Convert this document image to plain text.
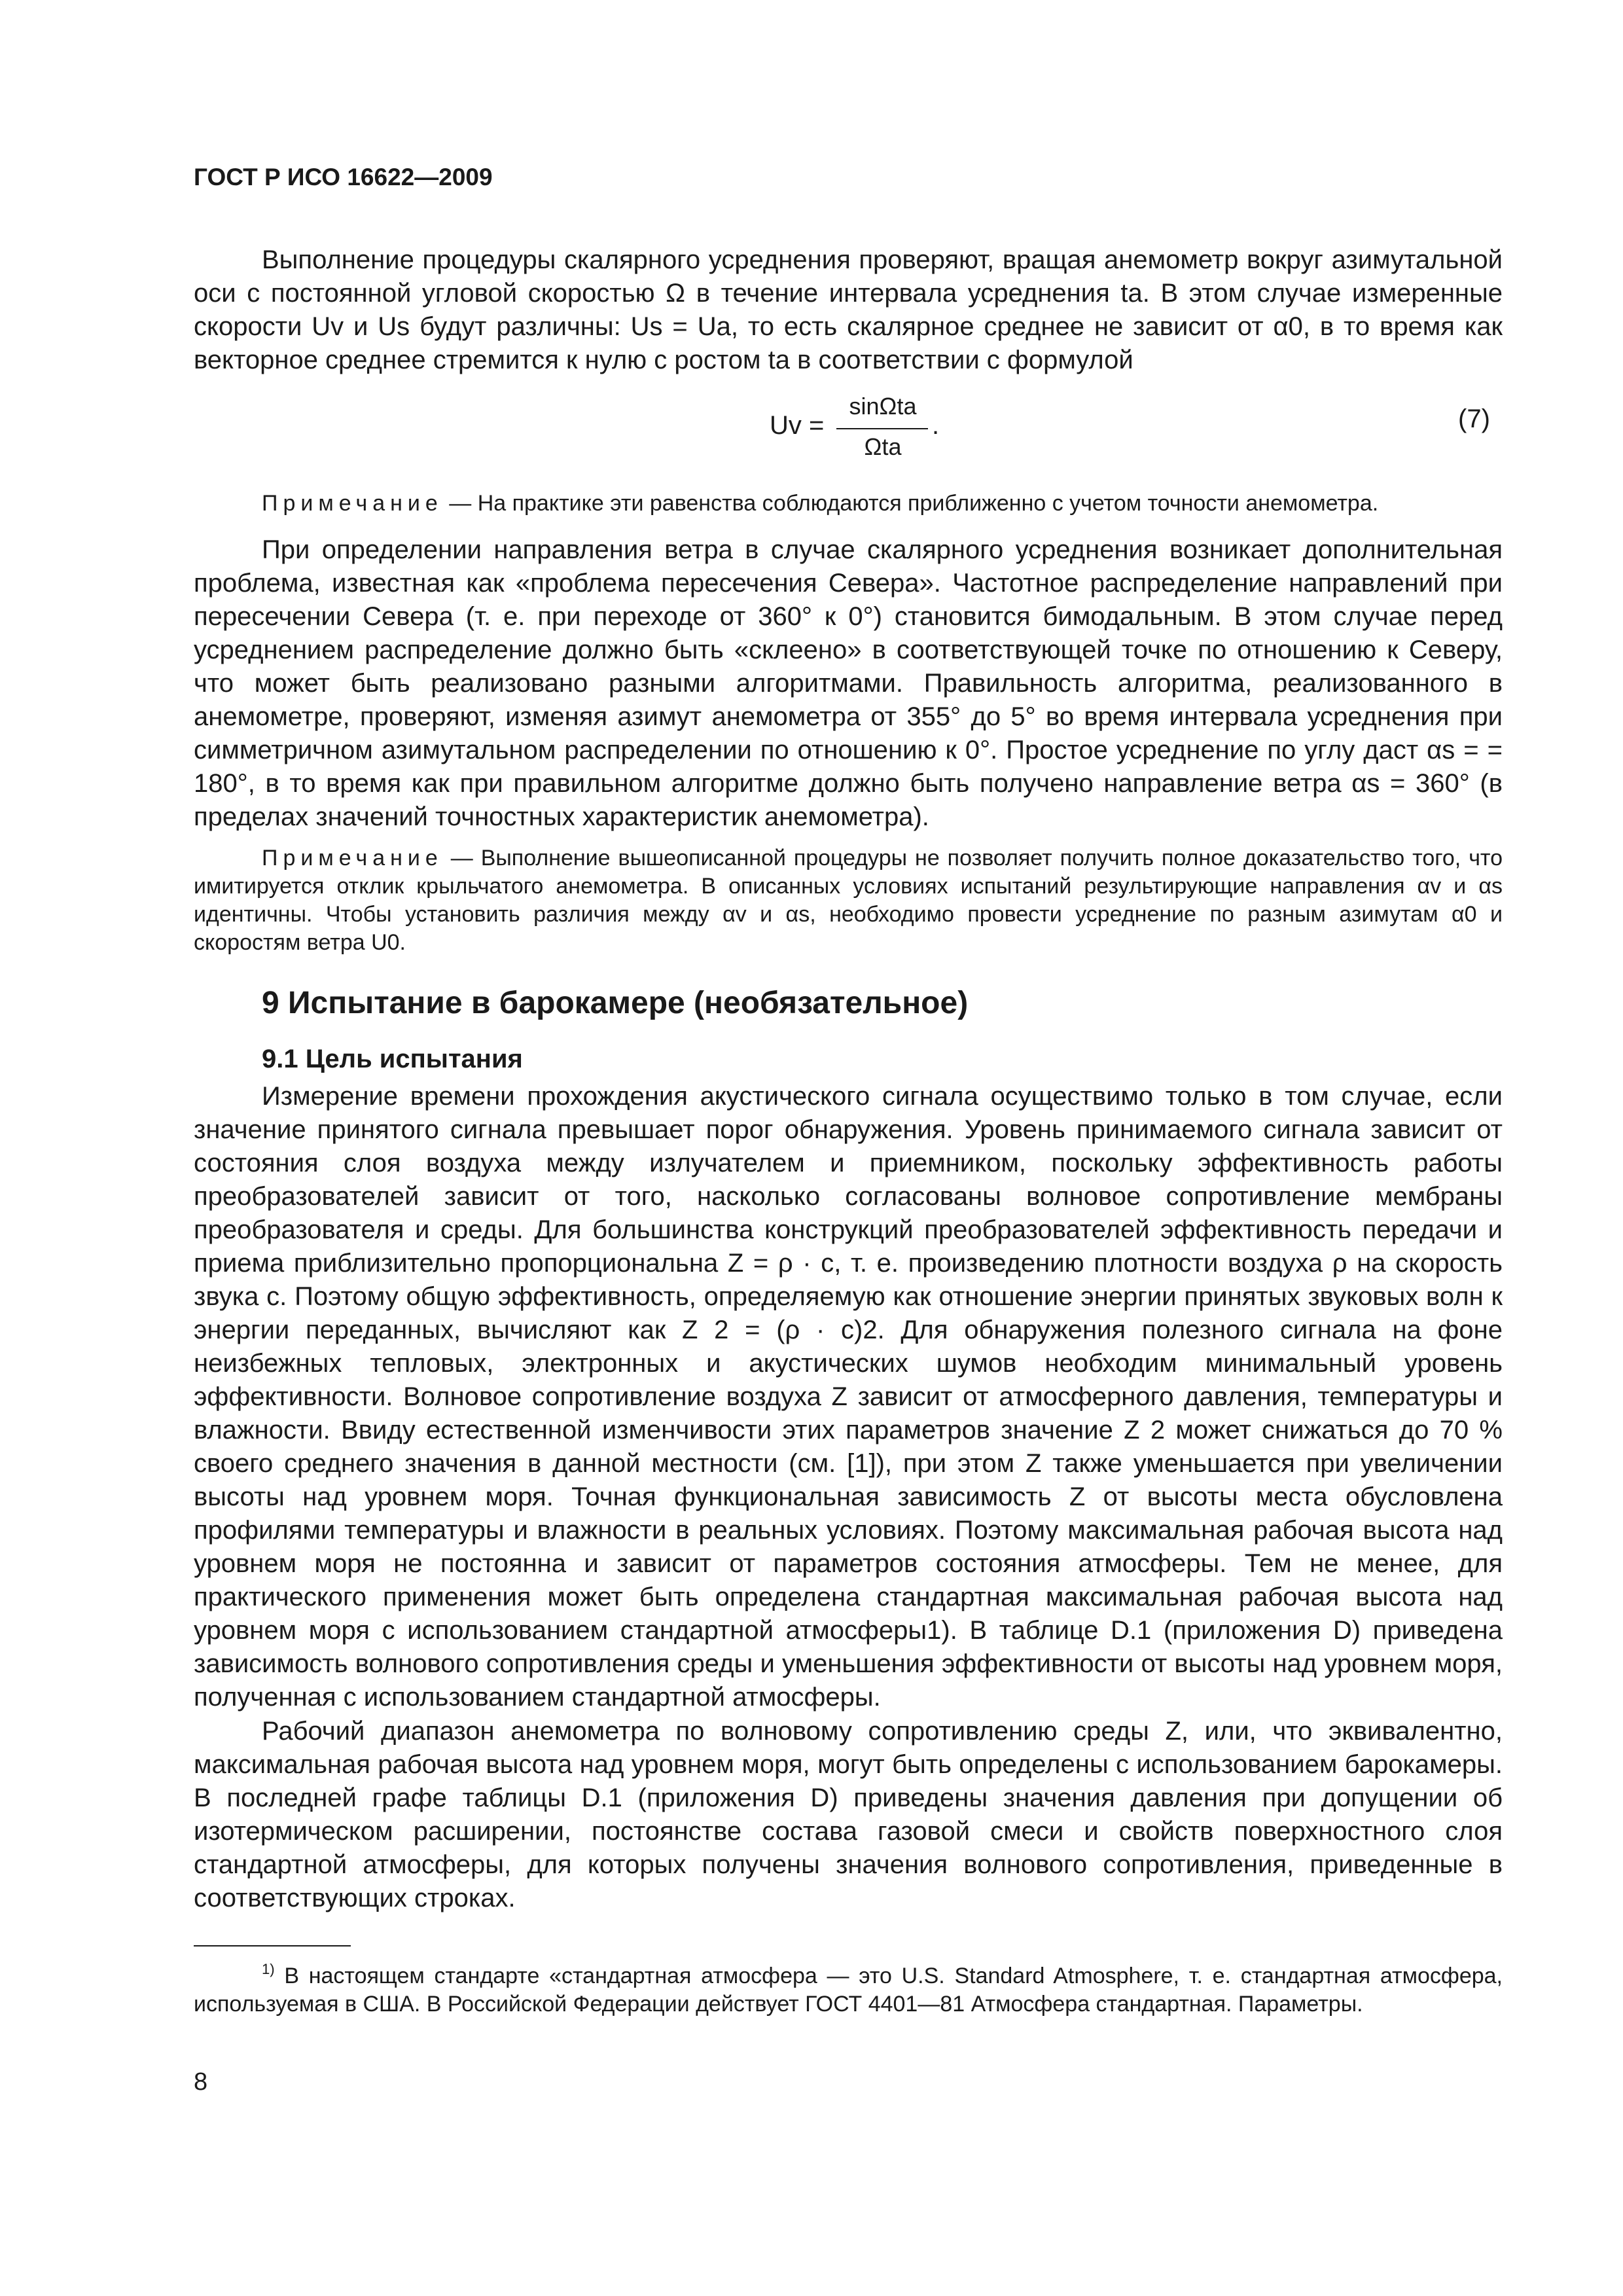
ГОСТ Р ИСО 16622—2009

Выполнение процедуры скалярного усреднения проверяют, вращая анемометр вокруг азимутальной оси с постоянной угловой скоростью Ω в течение интервала усреднения ta. В этом случае измеренные скорости Uv и Us будут различны: Us = Ua, то есть скалярное среднее не зависит от α0, в то время как векторное среднее стремится к нулю с ростом ta в соответствии с формулой

Uv =
sinΩta
Ωta
.	(7)

Примечание — На практике эти равенства соблюдаются приближенно с учетом точности анемометра.

При определении направления ветра в случае скалярного усреднения возникает дополнительная проблема, известная как «проблема пересечения Севера». Частотное распределение направлений при пересечении Севера (т. е. при переходе от 360° к 0°) становится бимодальным. В этом случае перед усреднением распределение должно быть «склеено» в соответствующей точке по отношению к Северу, что может быть реализовано разными алгоритмами. Правильность алгоритма, реализованного в анемометре, проверяют, изменяя азимут анемометра от 355° до 5° во время интервала усреднения при симметричном азимутальном распределении по отношению к 0°. Простое усреднение по углу даст αs = = 180°, в то время как при правильном алгоритме должно быть получено направление ветра αs = 360° (в пределах значений точностных характеристик анемометра).

Примечание — Выполнение вышеописанной процедуры не позволяет получить полное доказательство того, что имитируется отклик крыльчатого анемометра. В описанных условиях испытаний результирующие направления αv и αs идентичны. Чтобы установить различия между αv и αs, необходимо провести усреднение по разным азимутам α0 и скоростям ветра U0.

9 Испытание в барокамере (необязательное)
9.1 Цель испытания

Измерение времени прохождения акустического сигнала осуществимо только в том случае, если значение принятого сигнала превышает порог обнаружения. Уровень принимаемого сигнала зависит от состояния слоя воздуха между излучателем и приемником, поскольку эффективность работы преобразователей зависит от того, насколько согласованы волновое сопротивление мембраны преобразователя и среды. Для большинства конструкций преобразователей эффективность передачи и приема приблизительно пропорциональна Z = ρ · c, т. е. произведению плотности воздуха ρ на скорость звука c. Поэтому общую эффективность, определяемую как отношение энергии принятых звуковых волн к энергии переданных, вычисляют как Z 2 = (ρ · c)2. Для обнаружения полезного сигнала на фоне неизбежных тепловых, электронных и акустических шумов необходим минимальный уровень эффективности. Волновое сопротивление воздуха Z зависит от атмосферного давления, температуры и влажности. Ввиду естественной изменчивости этих параметров значение Z 2 может снижаться до 70 % своего среднего значения в данной местности (см. [1]), при этом Z также уменьшается при увеличении высоты над уровнем моря. Точная функциональная зависимость Z от высоты места обусловлена профилями температуры и влажности в реальных условиях. Поэтому максимальная рабочая высота над уровнем моря не постоянна и зависит от параметров состояния атмосферы. Тем не менее, для практического применения может быть определена стандартная максимальная рабочая высота над уровнем моря с использованием стандартной атмосферы1). В таблице D.1 (приложения D) приведена зависимость волнового сопротивления среды и уменьшения эффективности от высоты над уровнем моря, полученная с использованием стандартной атмосферы.

Рабочий диапазон анемометра по волновому сопротивлению среды Z, или, что эквивалентно, максимальная рабочая высота над уровнем моря, могут быть определены с использованием барокамеры. В последней графе таблицы D.1 (приложения D) приведены значения давления при допущении об изотермическом расширении, постоянстве состава газовой смеси и свойств поверхностного слоя стандартной атмосферы, для которых получены значения волнового сопротивления, приведенные в соответствующих строках.

$^{1)}$ В настоящем стандарте «стандартная атмосфера — это U.S. Standard Atmosphere, т. е. стандартная атмосфера, используемая в США. В Российской Федерации действует ГОСТ 4401—81 Атмосфера стандартная. Параметры.
8
